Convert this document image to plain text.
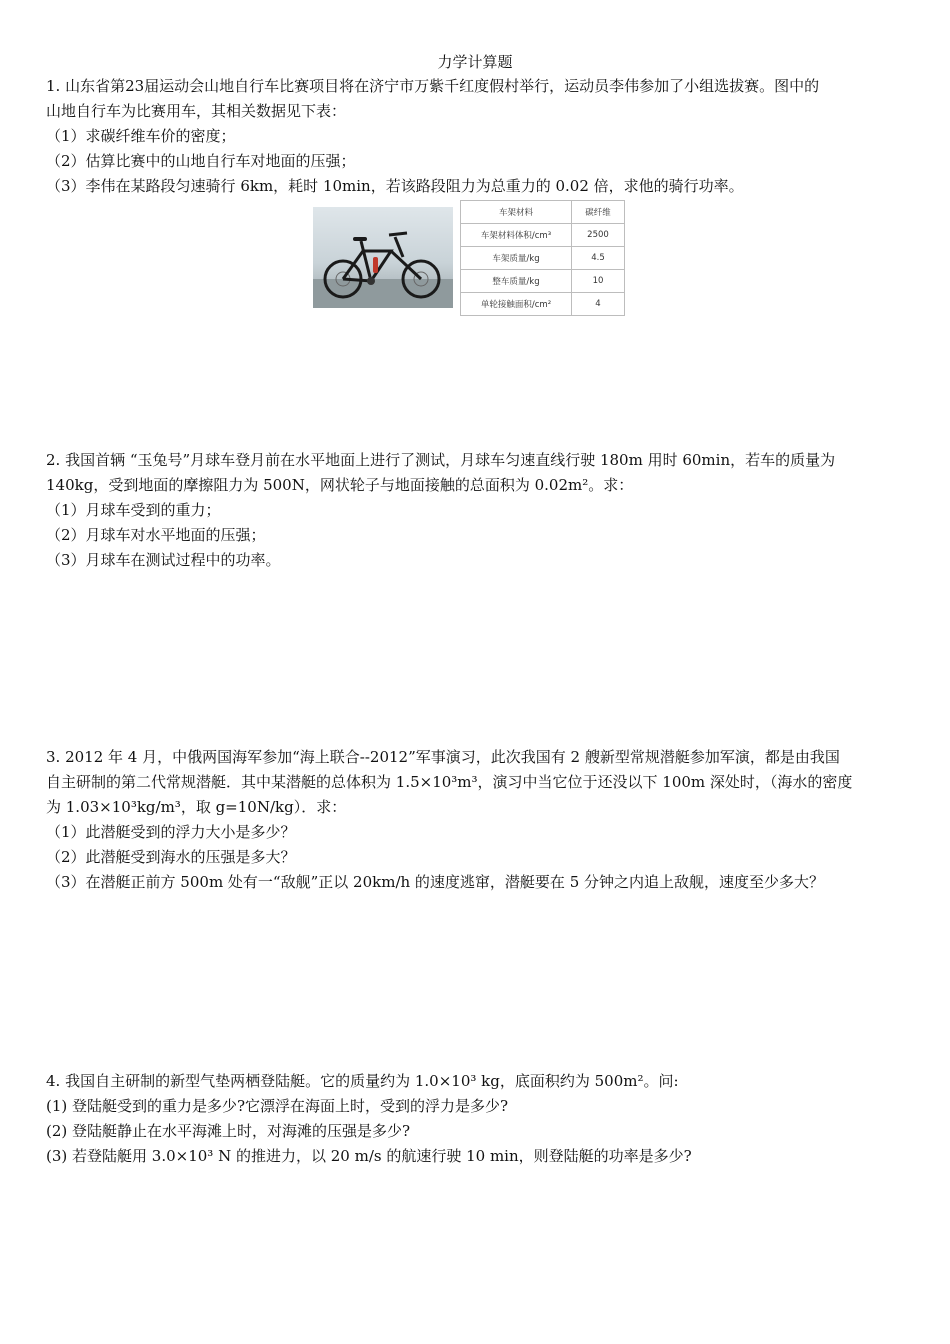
力学计算题
1. 山东省第23届运动会山地自行车比赛项目将在济宁市万紫千红度假村举行，运动员李伟参加了小组选拔赛。图中的
山地自行车为比赛用车，其相关数据见下表：
（1）求碳纤维车价的密度；
（2）估算比赛中的山地自行车对地面的压强；
（3）李伟在某路段匀速骑行 6km，耗时 10min，若该路段阻力为总重力的 0.02 倍，求他的骑行功率。
车架材料	碳纤维
车架材料体积/cm³	2500
车架质量/kg	4.5
整车质量/kg	10
单轮接触面积/cm²	4
2. 我国首辆 “玉兔号”月球车登月前在水平地面上进行了测试，月球车匀速直线行驶 180m 用时 60min，若车的质量为
140kg，受到地面的摩擦阻力为 500N，网状轮子与地面接触的总面积为 0.02m²。求：
（1）月球车受到的重力；
（2）月球车对水平地面的压强；
（3）月球车在测试过程中的功率。
3. 2012 年 4 月，中俄两国海军参加“海上联合--2012”军事演习，此次我国有 2 艘新型常规潜艇参加军演，都是由我国
自主研制的第二代常规潜艇．其中某潜艇的总体积为 1.5×10³m³，演习中当它位于还没以下 100m 深处时，（海水的密度
为 1.03×10³kg/m³，取 g=10N/kg）．求：
（1）此潜艇受到的浮力大小是多少？
（2）此潜艇受到海水的压强是多大？
（3）在潜艇正前方 500m 处有一“敌舰”正以 20km/h 的速度逃窜，潜艇要在 5 分钟之内追上敌舰，速度至少多大？
4. 我国自主研制的新型气垫两栖登陆艇。它的质量约为 1.0×10³ kg，底面积约为 500m²。问:
(1) 登陆艇受到的重力是多少?它漂浮在海面上时，受到的浮力是多少?
(2) 登陆艇静止在水平海滩上时，对海滩的压强是多少?
(3) 若登陆艇用 3.0×10³ N 的推进力，以 20 m/s 的航速行驶 10 min，则登陆艇的功率是多少?
